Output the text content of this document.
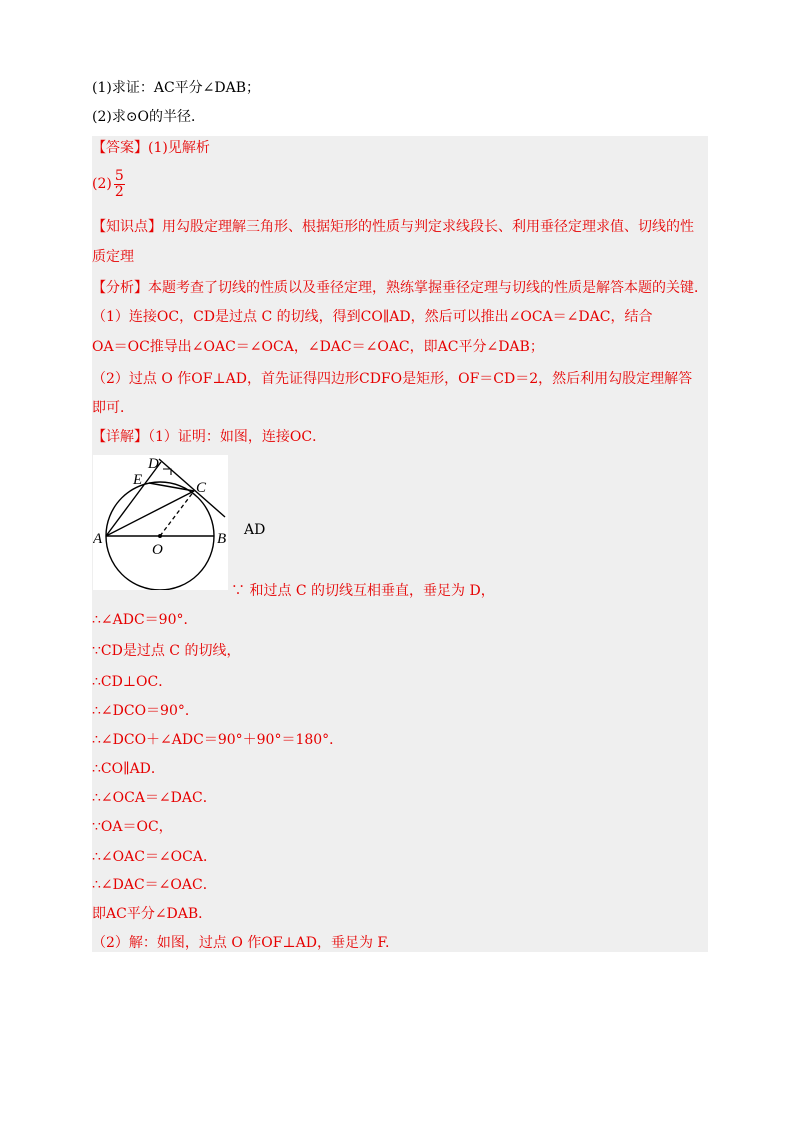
(1)求证：AC平分∠DAB；
(2)求⊙O的半径．
【答案】(1)见解析
$(2) \frac{5}{2}$
【知识点】用勾股定理解三角形、根据矩形的性质与判定求线段长、利用垂径定理求值、切线的性
质定理
【分析】本题考查了切线的性质以及垂径定理，熟练掌握垂径定理与切线的性质是解答本题的关键．
（1）连接OC，CD是过点 C 的切线，得到CO∥AD，然后可以推出∠OCA＝∠DAC，结合
OA＝OC推导出∠OAC＝∠OCA，∠DAC＝∠OAC，即AC平分∠DAB；
（2）过点 O 作OF⊥AD，首先证得四边形CDFO是矩形，OF＝CD＝2，然后利用勾股定理解答
即可．
【详解】（1）证明：如图，连接OC．
D
E	C
A
O
B
AD
∵ 和过点 C 的切线互相垂直，垂足为 D，
∴∠ADC＝90°．
∵CD是过点 C 的切线，
∴CD⊥OC．
∴∠DCO＝90°．
∴∠DCO＋∠ADC＝90°＋90°＝180°．
∴CO∥AD．
∴∠OCA＝∠DAC．
∵OA＝OC，
∴∠OAC＝∠OCA．
∴∠DAC＝∠OAC．
即AC平分∠DAB．
（2）解：如图，过点 O 作OF⊥AD，垂足为 F.
